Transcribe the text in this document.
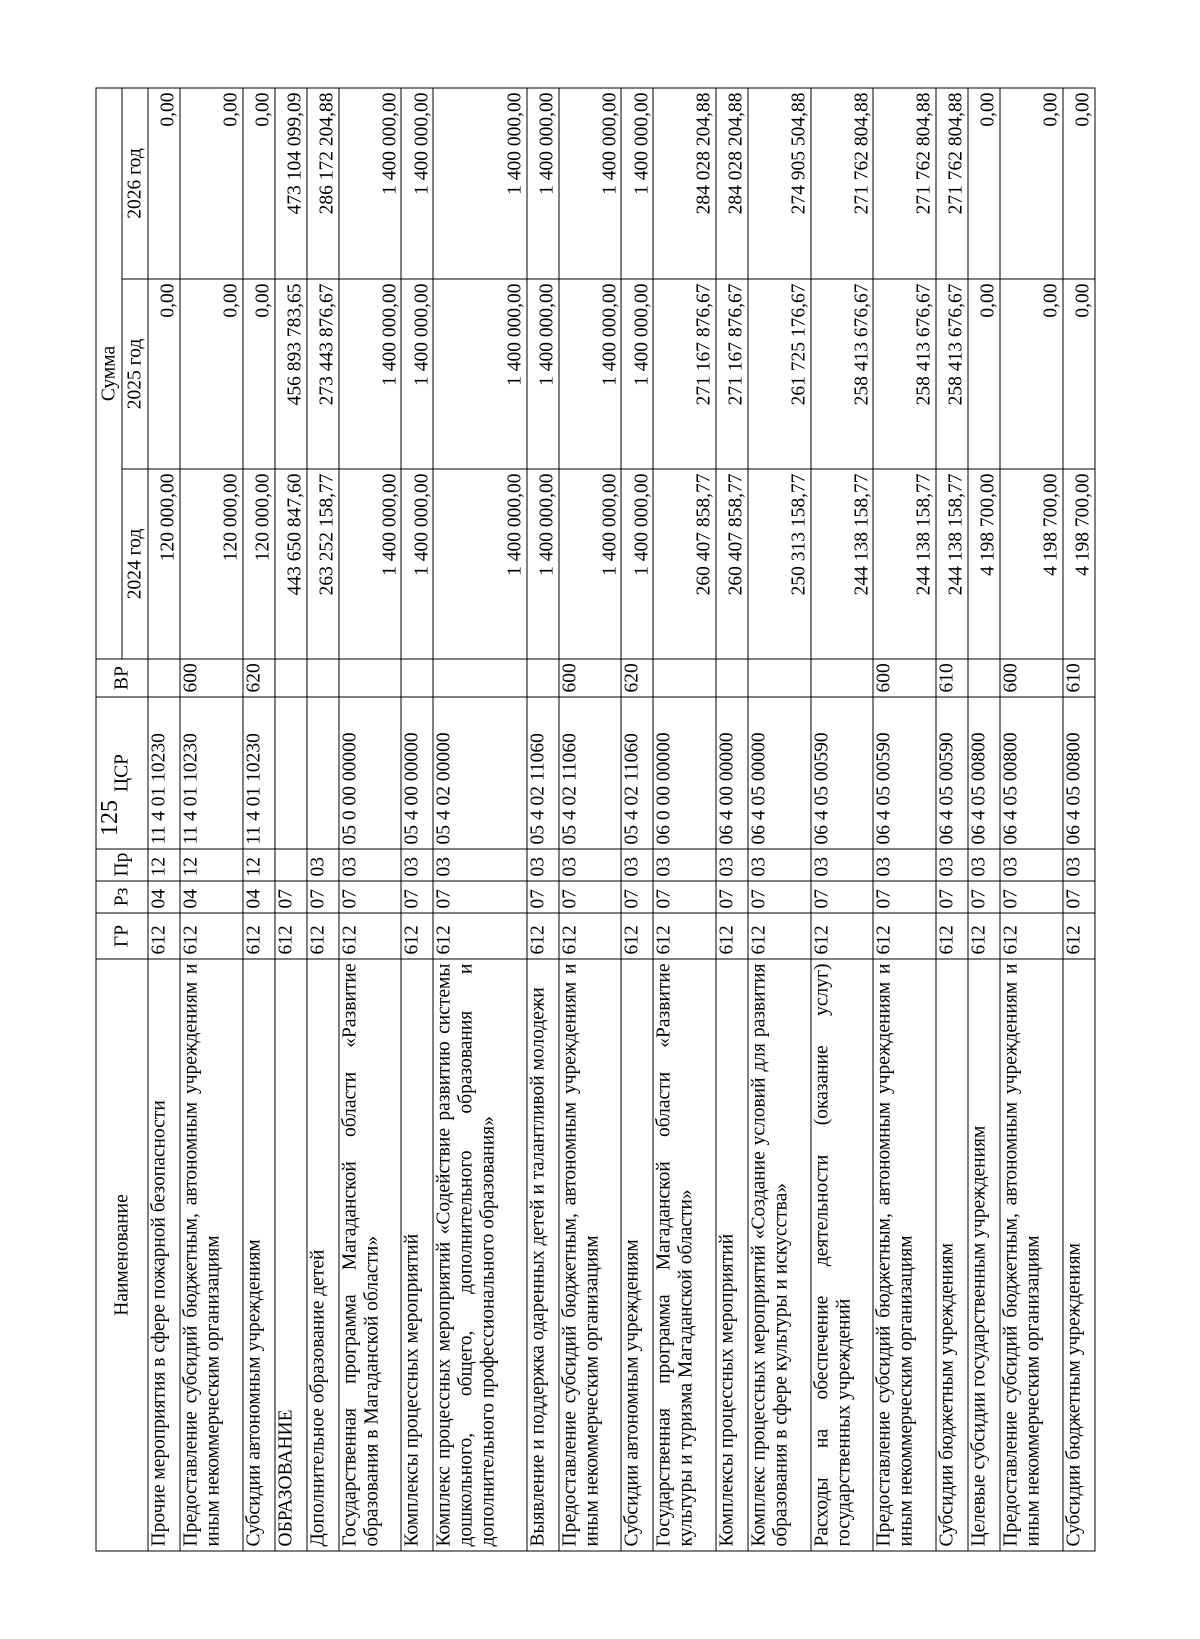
125
Наименование	ГР	Рз	Пр	ЦСР	ВР	Сумма		
						2024 год	2025 год	2026 год
Прочие мероприятия в сфере пожарной безопасности	612	04	12	11 4 01 10230		120 000,00	0,00	0,00
Предоставление субсидий бюджетным, автономным учреждениям и иным некоммерческим организациям	612	04	12	11 4 01 10230	600	120 000,00	0,00	0,00
Субсидии автономным учреждениям	612	04	12	11 4 01 10230	620	120 000,00	0,00	0,00
ОБРАЗОВАНИЕ	612	07				443 650 847,60	456 893 783,65	473 104 099,09
Дополнительное образование детей	612	07	03			263 252 158,77	273 443 876,67	286 172 204,88
Государственная программа Магаданской области «Развитие образования в Магаданской области»	612	07	03	05 0 00 00000		1 400 000,00	1 400 000,00	1 400 000,00
Комплексы процессных мероприятий	612	07	03	05 4 00 00000		1 400 000,00	1 400 000,00	1 400 000,00
Комплекс процессных мероприятий «Содействие развитию системы дошкольного, общего, дополнительного образования и дополнительного профессионального образования»	612	07	03	05 4 02 00000		1 400 000,00	1 400 000,00	1 400 000,00
Выявление и поддержка одаренных детей и талантливой молодежи	612	07	03	05 4 02 11060		1 400 000,00	1 400 000,00	1 400 000,00
Предоставление субсидий бюджетным, автономным учреждениям и иным некоммерческим организациям	612	07	03	05 4 02 11060	600	1 400 000,00	1 400 000,00	1 400 000,00
Субсидии автономным учреждениям	612	07	03	05 4 02 11060	620	1 400 000,00	1 400 000,00	1 400 000,00
Государственная программа Магаданской области «Развитие культуры и туризма Магаданской области»	612	07	03	06 0 00 00000		260 407 858,77	271 167 876,67	284 028 204,88
Комплексы процессных мероприятий	612	07	03	06 4 00 00000		260 407 858,77	271 167 876,67	284 028 204,88
Комплекс процессных мероприятий «Создание условий для развития образования в сфере культуры и искусства»	612	07	03	06 4 05 00000		250 313 158,77	261 725 176,67	274 905 504,88
Расходы на обеспечение деятельности (оказание услуг) государственных учреждений	612	07	03	06 4 05 00590		244 138 158,77	258 413 676,67	271 762 804,88
Предоставление субсидий бюджетным, автономным учреждениям и иным некоммерческим организациям	612	07	03	06 4 05 00590	600	244 138 158,77	258 413 676,67	271 762 804,88
Субсидии бюджетным учреждениям	612	07	03	06 4 05 00590	610	244 138 158,77	258 413 676,67	271 762 804,88
Целевые субсидии государственным учреждениям	612	07	03	06 4 05 00800		4 198 700,00	0,00	0,00
Предоставление субсидий бюджетным, автономным учреждениям и иным некоммерческим организациям	612	07	03	06 4 05 00800	600	4 198 700,00	0,00	0,00
Субсидии бюджетным учреждениям	612	07	03	06 4 05 00800	610	4 198 700,00	0,00	0,00
